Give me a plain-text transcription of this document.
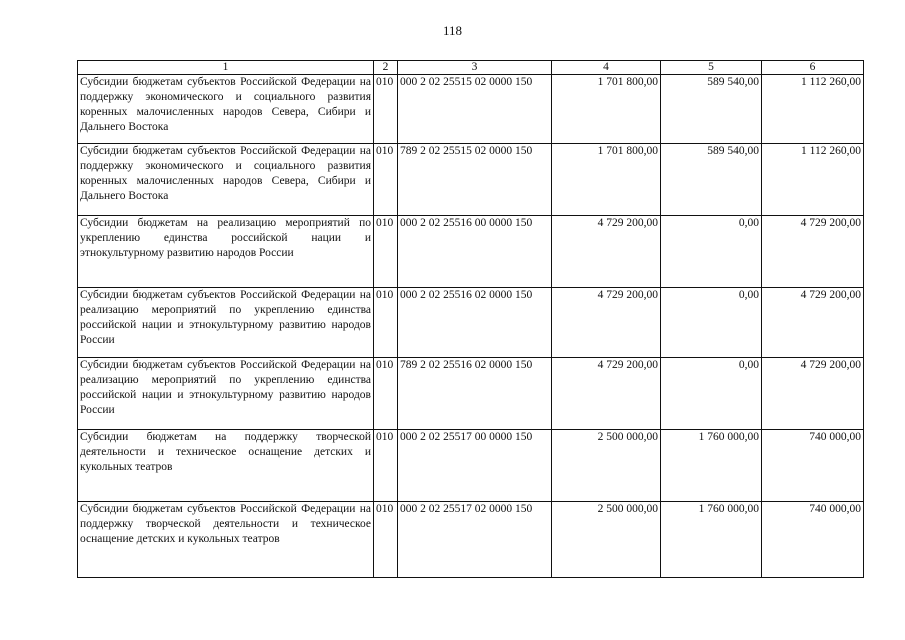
118
1	2	3	4	5	6
Субсидии бюджетам субъектов Российской Федерации на поддержку экономического и социального развития коренных малочисленных народов Севера, Сибири и Дальнего Востока	010	000 2 02 25515 02 0000 150	1 701 800,00	589 540,00	1 112 260,00
Субсидии бюджетам субъектов Российской Федерации на поддержку экономического и социального развития коренных малочисленных народов Севера, Сибири и Дальнего Востока	010	789 2 02 25515 02 0000 150	1 701 800,00	589 540,00	1 112 260,00
Субсидии бюджетам на реализацию мероприятий по укреплению единства российской нации и этнокультурному развитию народов России	010	000 2 02 25516 00 0000 150	4 729 200,00	0,00	4 729 200,00
Субсидии бюджетам субъектов Российской Федерации на реализацию мероприятий по укреплению единства российской нации и этнокультурному развитию народов России	010	000 2 02 25516 02 0000 150	4 729 200,00	0,00	4 729 200,00
Субсидии бюджетам субъектов Российской Федерации на реализацию мероприятий по укреплению единства российской нации и этнокультурному развитию народов России	010	789 2 02 25516 02 0000 150	4 729 200,00	0,00	4 729 200,00
Субсидии бюджетам на поддержку творческой деятельности и техническое оснащение детских и кукольных театров	010	000 2 02 25517 00 0000 150	2 500 000,00	1 760 000,00	740 000,00
Субсидии бюджетам субъектов Российской Федерации на поддержку творческой деятельности и техническое оснащение детских и кукольных театров	010	000 2 02 25517 02 0000 150	2 500 000,00	1 760 000,00	740 000,00
